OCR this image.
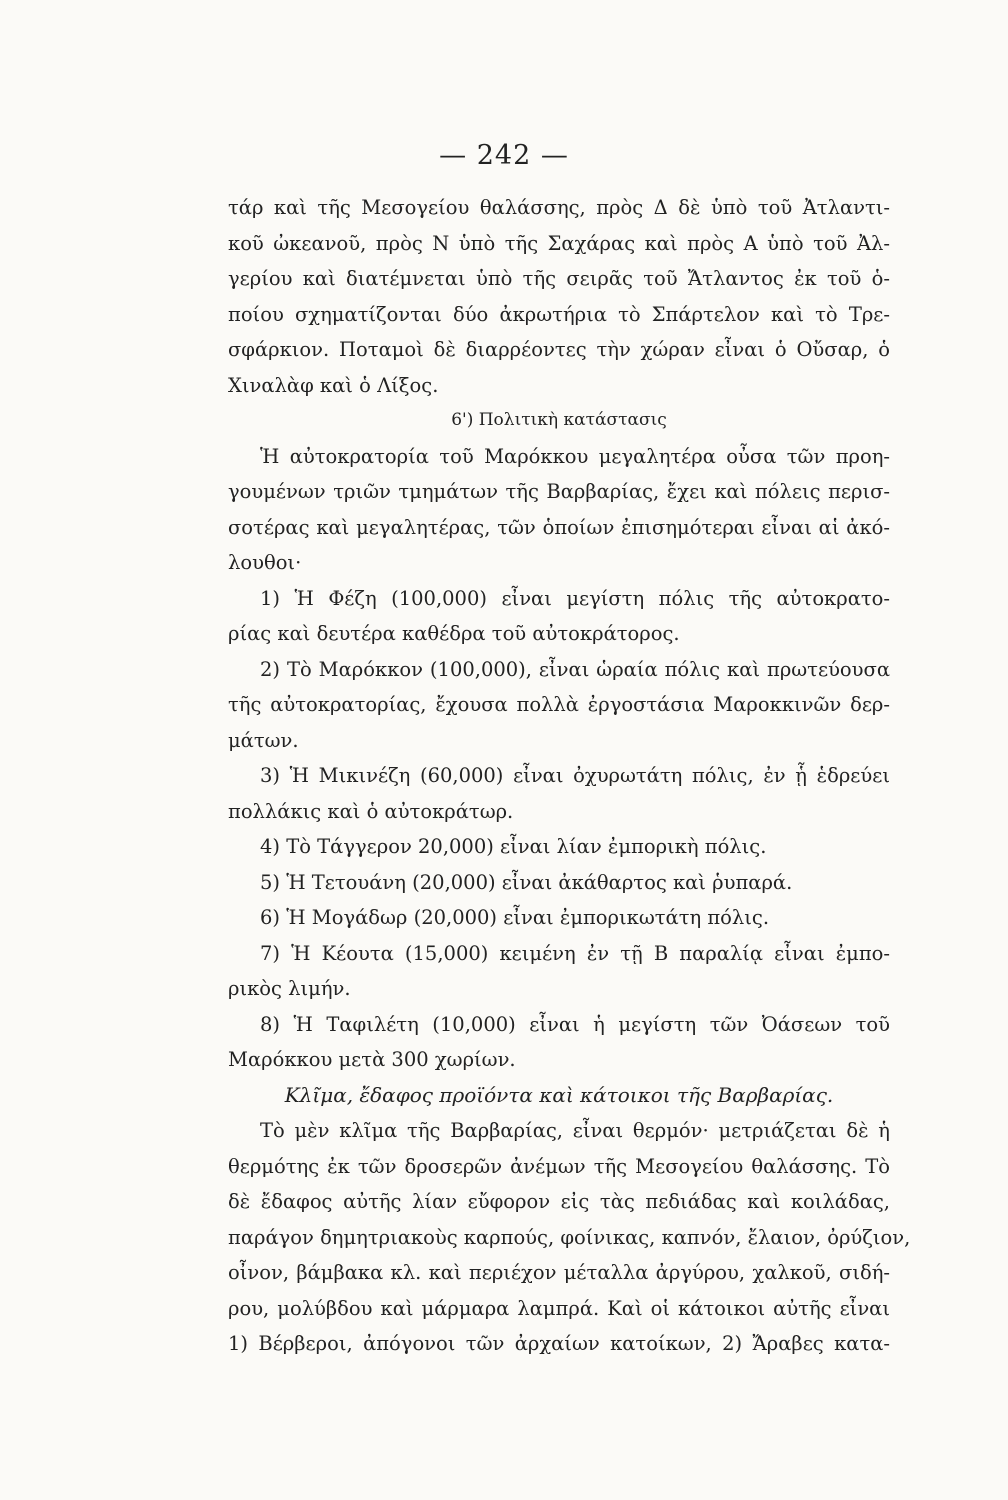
— 242 —
τάρ καὶ τῆς Μεσογείου θαλάσσης, πρὸς Δ δὲ ὑπὸ τοῦ Ἀτλαντι-
κοῦ ὠκεανοῦ, πρὸς Ν ὑπὸ τῆς Σαχάρας καὶ πρὸς Α ὑπὸ τοῦ Ἀλ-
γερίου καὶ διατέμνεται ὑπὸ τῆς σειρᾶς τοῦ Ἄτλαντος ἐκ τοῦ ὁ-
ποίου σχηματίζονται δύο ἀκρωτήρια τὸ Σπάρτελον καὶ τὸ Τρε-
σφάρκιον. Ποταμοὶ δὲ διαρρέοντες τὴν χώραν εἶναι ὁ Οὔσαρ, ὁ
Χιναλὰφ καὶ ὁ Λίξος.
6') Πολιτικὴ κατάστασις
Ἡ αὐτοκρατορία τοῦ Μαρόκκου μεγαλητέρα οὖσα τῶν προη-
γουμένων τριῶν τμημάτων τῆς Βαρβαρίας, ἔχει καὶ πόλεις περισ-
σοτέρας καὶ μεγαλητέρας, τῶν ὁποίων ἐπισημότεραι εἶναι αἱ ἀκό-
λουθοι·
1) Ἡ Φέζη (100,000) εἶναι μεγίστη πόλις τῆς αὐτοκρατο-
ρίας καὶ δευτέρα καθέδρα τοῦ αὐτοκράτορος.
2) Τὸ Μαρόκκον (100,000), εἶναι ὡραία πόλις καὶ πρωτεύουσα
τῆς αὐτοκρατορίας, ἔχουσα πολλὰ ἐργοστάσια Μαροκκινῶν δερ-
μάτων.
3) Ἡ Μικινέζη (60,000) εἶναι ὀχυρωτάτη πόλις, ἐν ᾗ ἑδρεύει
πολλάκις καὶ ὁ αὐτοκράτωρ.
4) Τὸ Τάγγερον 20,000) εἶναι λίαν ἐμπορικὴ πόλις.
5) Ἡ Τετουάνη (20,000) εἶναι ἀκάθαρτος καὶ ῥυπαρά.
6) Ἡ Μογάδωρ (20,000) εἶναι ἐμπορικωτάτη πόλις.
7) Ἡ Κέουτα (15,000) κειμένη ἐν τῇ Β παραλίᾳ εἶναι ἐμπο-
ρικὸς λιμήν.
8) Ἡ Ταφιλέτη (10,000) εἶναι ἡ μεγίστη τῶν Ὀάσεων τοῦ
Μαρόκκου μετὰ 300 χωρίων.
Κλῖμα, ἔδαφος προϊόντα καὶ κάτοικοι τῆς Βαρβαρίας.
Τὸ μὲν κλῖμα τῆς Βαρβαρίας, εἶναι θερμόν· μετριάζεται δὲ ἡ
θερμότης ἐκ τῶν δροσερῶν ἀνέμων τῆς Μεσογείου θαλάσσης. Τὸ
δὲ ἔδαφος αὐτῆς λίαν εὔφορον εἰς τὰς πεδιάδας καὶ κοιλάδας,
παράγον δημητριακοὺς καρπούς, φοίνικας, καπνόν, ἔλαιον, ὀρύζιον,
οἶνον, βάμβακα κλ. καὶ περιέχον μέταλλα ἀργύρου, χαλκοῦ, σιδή-
ρου, μολύβδου καὶ μάρμαρα λαμπρά. Καὶ οἱ κάτοικοι αὐτῆς εἶναι
1) Βέρβεροι, ἀπόγονοι τῶν ἀρχαίων κατοίκων, 2) Ἄραβες κατα-
